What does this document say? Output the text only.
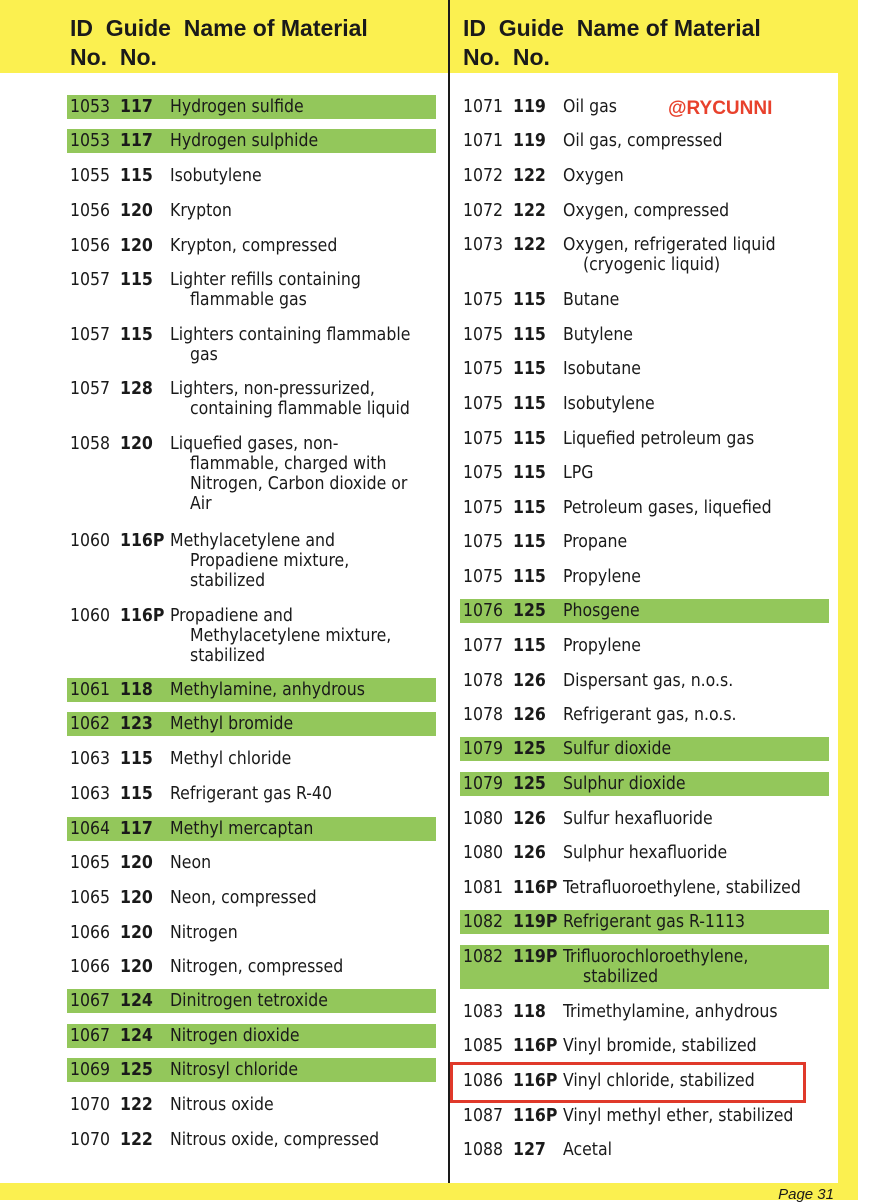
ID  Guide  Name of Material
No.  No.
ID  Guide  Name of Material
No.  No.
1053 117 Hydrogen sulfide
1053 117 Hydrogen sulphide
1055 115 Isobutylene
1056 120 Krypton
1056 120 Krypton, compressed
1057 115 Lighter refills containing
flammable gas
1057 115 Lighters containing flammable
gas
1057 128 Lighters, non-pressurized,
containing flammable liquid
1058 120 Liquefied gases, non-
flammable, charged with
Nitrogen, Carbon dioxide or
Air
1060 116P Methylacetylene and
Propadiene mixture,
stabilized
1060 116P Propadiene and
Methylacetylene mixture,
stabilized
1061 118 Methylamine, anhydrous
1062 123 Methyl bromide
1063 115 Methyl chloride
1063 115 Refrigerant gas R-40
1064 117 Methyl mercaptan
1065 120 Neon
1065 120 Neon, compressed
1066 120 Nitrogen
1066 120 Nitrogen, compressed
1067 124 Dinitrogen tetroxide
1067 124 Nitrogen dioxide
1069 125 Nitrosyl chloride
1070 122 Nitrous oxide
1070 122 Nitrous oxide, compressed
1071 119 Oil gas
1071 119 Oil gas, compressed
1072 122 Oxygen
1072 122 Oxygen, compressed
1073 122 Oxygen, refrigerated liquid
(cryogenic liquid)
1075 115 Butane
1075 115 Butylene
1075 115 Isobutane
1075 115 Isobutylene
1075 115 Liquefied petroleum gas
1075 115 LPG
1075 115 Petroleum gases, liquefied
1075 115 Propane
1075 115 Propylene
1076 125 Phosgene
1077 115 Propylene
1078 126 Dispersant gas, n.o.s.
1078 126 Refrigerant gas, n.o.s.
1079 125 Sulfur dioxide
1079 125 Sulphur dioxide
1080 126 Sulfur hexafluoride
1080 126 Sulphur hexafluoride
1081 116P Tetrafluoroethylene, stabilized
1082 119P Refrigerant gas R-1113
1082 119P Trifluorochloroethylene,
stabilized
1083 118 Trimethylamine, anhydrous
1085 116P Vinyl bromide, stabilized
1086 116P Vinyl chloride, stabilized
1087 116P Vinyl methyl ether, stabilized
1088 127 Acetal
@RYCUNNI
Page 31
